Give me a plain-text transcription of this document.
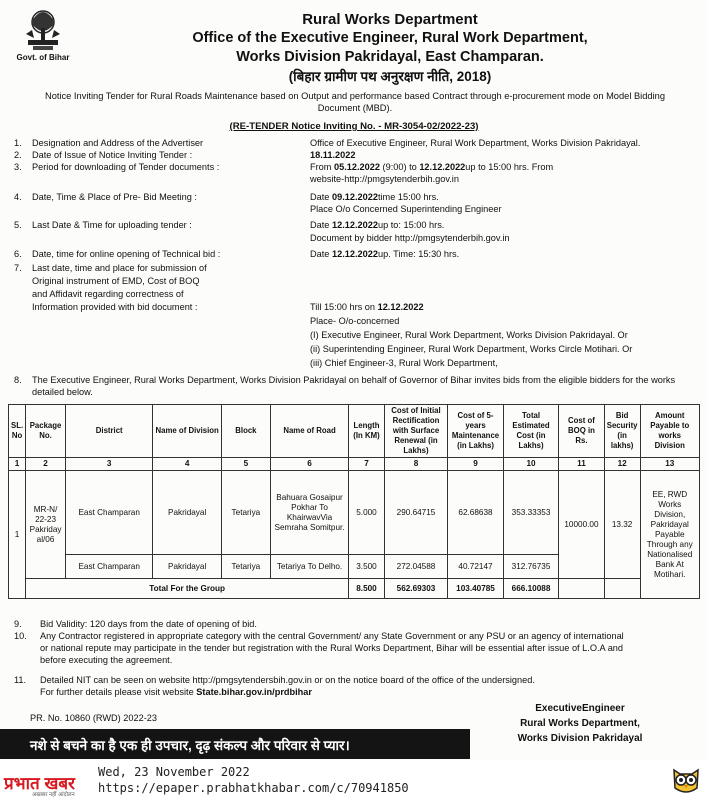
Govt. of Bihar
Rural Works Department
Office of the Executive Engineer, Rural Work Department,
Works Division Pakridayal, East Champaran.
(बिहार ग्रामीण पथ अनुरक्षण नीति, 2018)
Notice Inviting Tender for Rural Roads Maintenance based on Output and performance based Contract through e-procurement mode on Model Bidding Document (MBD).
(RE-TENDER Notice Inviting No. - MR-3054-02/2022-23)
1. Designation and Address of the Advertiser	Office of Executive Engineer, Rural Work Department, Works Division Pakridayal.
2. Date of Issue of Notice Inviting Tender :	18.11.2022
3. Period for downloading of Tender documents :	From 05.12.2022 (9:00) to 12.12.2022up to 15:00 hrs. From
website-http://pmgsytenderbih.gov.in
4. Date, Time & Place of Pre- Bid Meeting :	Date 09.12.2022time 15:00 hrs.
Place O/o Concerned Superintending Engineer
5. Last Date & Time for uploading tender :	Date 12.12.2022up to: 15:00 hrs.
Document by bidder http://pmgsytenderbih.gov.in
6. Date, time for online opening of Technical bid :	Date 12.12.2022up. Time: 15:30 hrs.
7. Last date, time and place for submission of
Original instrument of EMD, Cost of BOQ
and Affidavit regarding correctness of
Information provided with bid document :	Till 15:00 hrs on 12.12.2022
Place- O/o-concerned
(I) Executive Engineer, Rural Work Department, Works Division Pakridayal. Or
(ii) Superintending Engineer, Rural Work Department, Works Circle Motihari. Or
(iii) Chief Engineer-3, Rural Work Department,
8. The Executive Engineer, Rural Works Department, Works Division Pakridayal on behalf of Governor of Bihar invites bids from the eligible bidders for the works detailed below.
SL. No	Package No.	District	Name of Division	Block	Name of Road	Length (In KM)	Cost of Initial Rectification with Surface Renewal (in Lakhs)	Cost of 5-years Maintenance (in Lakhs)	Total Estimated Cost (in Lakhs)	Cost of BOQ in Rs.	Bid Security (in lakhs)	Amount Payable to works Division
1	2	3	4	5	6	7	8	9	10	11	12	13
1	MR-N/ 22-23 Pakriday al/06	East Champaran	Pakridayal	Tetariya	Bahuara Gosaipur Pokhar To KhairwavVia Semraha Somitpur.	5.000	290.64715	62.68638	353.33353	10000.00	13.32	EE, RWD Works Division, Pakridayal Payable Through any Nationalised Bank At Motihari.
		East Champaran	Pakridayal	Tetariya	Tetariya To Delho.	3.500	272.04588	40.72147	312.76735			
	Total For the Group					8.500	562.69303	103.40785	666.10088			
9. Bid Validity: 120 days from the date of opening of bid.
10. Any Contractor registered in appropriate category with the central Government/ any State Government or any PSU or an agency of international
or national repute may participate in the tender but registration with the Rural Works Department, Bihar will be essential after issue of L.O.A and
before executing the agreement.
11. Detailed NIT can be seen on website http://pmgsytendersbih.gov.in or on the notice board of the office of the undersigned.
For further details please visit website State.bihar.gov.in/prdbihar
PR. No. 10860 (RWD) 2022-23
ExecutiveEngineer
Rural Works Department,
Works Division Pakridayal
नशे से बचने का है एक ही उपचार, दृढ़ संकल्प और परिवार से प्यार।
प्रभात खबर
अखबार नहीं आंदोलन
Wed, 23 November 2022
https://epaper.prabhatkhabar.com/c/70941850
